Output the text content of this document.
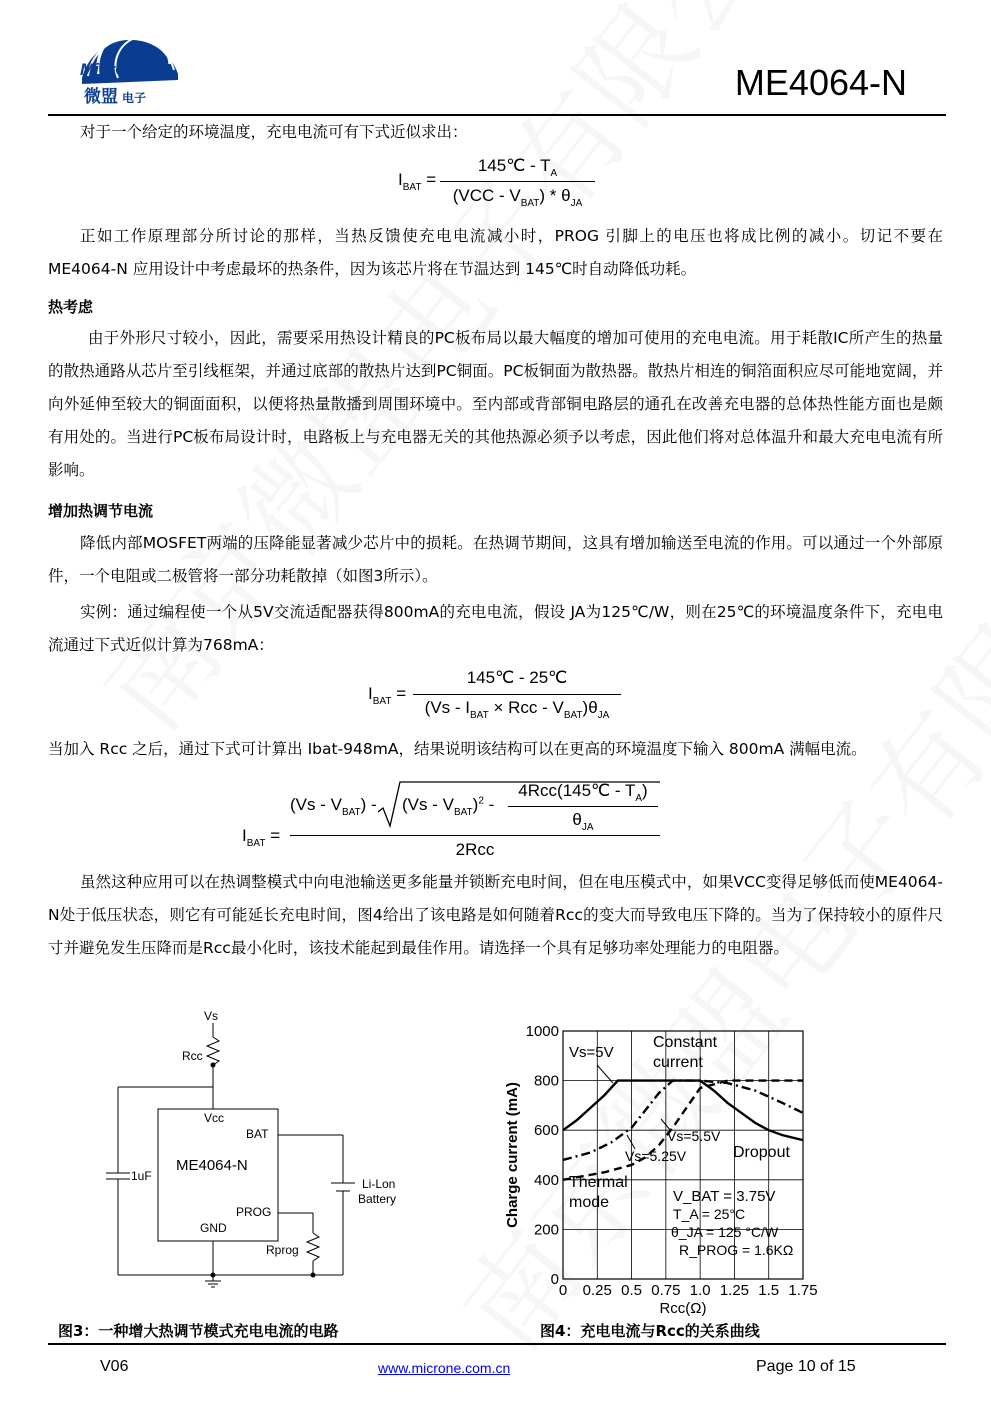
MicrOne
微盟 电子	ME4064-N
对于一个给定的环境温度，充电电流可有下式近似求出：
$I_{BAT}$ =
145℃ - $T_A$
$(VCC - V_{BAT}) * \theta_{JA}$
正如工作原理部分所讨论的那样，当热反馈使充电电流减小时，PROG 引脚上的电压也将成比例的减小。切记不要在 ME4064-N 应用设计中考虑最坏的热条件，因为该芯片将在节温达到 145℃时自动降低功耗。
热考虑
由于外形尺寸较小，因此，需要采用热设计精良的PC板布局以最大幅度的增加可使用的充电电流。用于耗散IC所产生的热量的散热通路从芯片至引线框架，并通过底部的散热片达到PC铜面。PC板铜面为散热器。散热片相连的铜箔面积应尽可能地宽阔，并向外延伸至较大的铜面面积，以便将热量散播到周围环境中。至内部或背部铜电路层的通孔在改善充电器的总体热性能方面也是颇有用处的。当进行PC板布局设计时，电路板上与充电器无关的其他热源必须予以考虑，因此他们将对总体温升和最大充电电流有所影响。
增加热调节电流
降低内部MOSFET两端的压降能显著减少芯片中的损耗。在热调节期间，这具有增加输送至电流的作用。可以通过一个外部原件，一个电阻或二极管将一部分功耗散掉（如图3所示）。
实例：通过编程使一个从5V交流适配器获得800mA的充电电流，假设 JA为125℃/W，则在25℃的环境温度条件下，充电电流通过下式近似计算为768mA：
$I_{BAT}$ =
145℃ - 25℃
($Vs - I_{BAT}$ × Rcc - $V_{BAT})\theta_{JA}$
当加入 Rcc 之后，通过下式可计算出 Ibat-948mA，结果说明该结构可以在更高的环境温度下输入 800mA 满幅电流。
$I_{BAT}$ =
$(Vs - V_{BAT}) - (Vs - V_{BAT})^2$ -
4Rcc(145℃ - $T_A$)
$\theta_{JA}$
2Rcc
虽然这种应用可以在热调整模式中向电池输送更多能量并锁断充电时间，但在电压模式中，如果VCC变得足够低而使ME4064-N处于低压状态，则它有可能延长充电时间，图4给出了该电路是如何随着Rcc的变大而导致电压下降的。当为了保持较小的原件尺寸并避免发生压降而是Rcc最小化时，该技术能起到最佳作用。请选择一个具有足够功率处理能力的电阻器。
Vs
Rcc
Vcc
BAT
ME4064-N
PROG
GND
Rprog
1uF
Li-Lon
Battery
0 0.25 0.5 0.75 1.0 1.25 1.5 1.75
0
200
400
600
800
1000
Rcc(Ω)
Charge current (mA)
Vs=5V
Constant
current
Vs=5.5V
Vs=5.25V	Dropout
Thermal
mode	V_BAT = 3.75V
T_A = 25°C
θ_JA = 125 °C/W
R_PROG = 1.6KΩ
图3：一种增大热调节模式充电电流的电路	图4：充电电流与Rcc的关系曲线
V06	www.microne.com.cn	Page 10 of 15
